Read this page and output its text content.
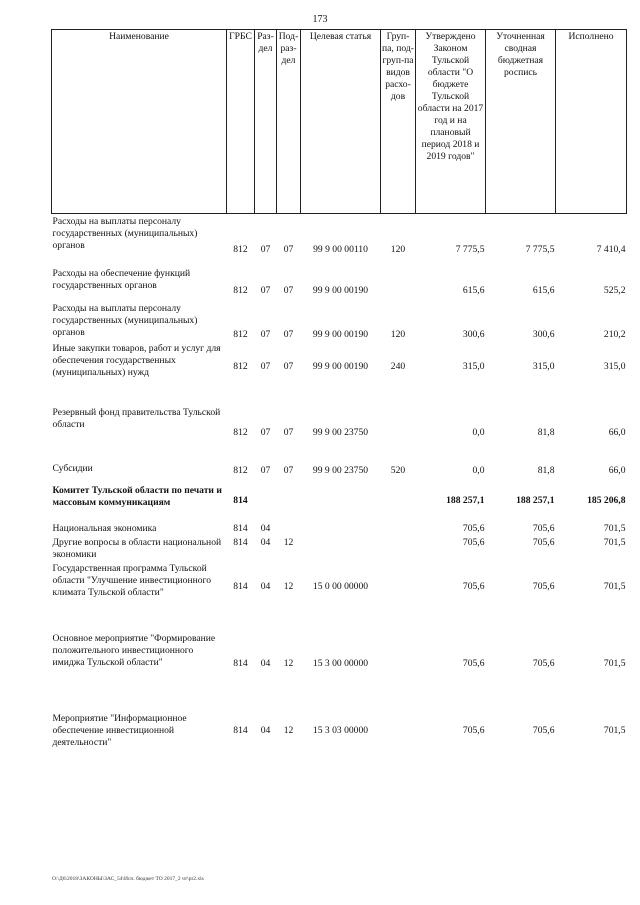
173
Наименование	ГРБС	Раз-дел	Под-раз-дел	Целевая статья	Груп-па, под-груп-па видов расхо-дов	Утверждено Законом Тульской области "О бюджете Тульской области на 2017 год и на плановый период 2018 и 2019 годов"	Уточненная сводная бюджетная роспись	Исполнено
Расходы на выплаты персоналу государственных (муниципальных) органов	812	07	07	99 9 00 00110	120	7 775,5	7 775,5	7 410,4
Расходы на обеспечение функций государственных органов	812	07	07	99 9 00 00190		615,6	615,6	525,2
Расходы на выплаты персоналу государственных (муниципальных) органов	812	07	07	99 9 00 00190	120	300,6	300,6	210,2
Иные закупки товаров, работ и услуг для обеспечения государственных (муниципальных) нужд	812	07	07	99 9 00 00190	240	315,0	315,0	315,0
Резервный фонд правительства Тульской области	812	07	07	99 9 00 23750		0,0	81,8	66,0
Субсидии	812	07	07	99 9 00 23750	520	0,0	81,8	66,0
Комитет Тульской области по печати и массовым коммуникациям	814					188 257,1	188 257,1	185 206,8
Национальная экономика	814	04				705,6	705,6	701,5
Другие вопросы в области национальной экономики	814	04	12			705,6	705,6	701,5
Государственная программа Тульской области "Улучшение инвестиционного климата Тульской области"	814	04	12	15 0 00 00000		705,6	705,6	701,5
Основное мероприятие "Формирование положительного инвестиционного имиджа Тульской области"	814	04	12	15 3 00 00000		705,6	705,6	701,5
Мероприятие "Информационное обеспечение инвестиционной деятельности"	814	04	12	15 3 03 00000		705,6	705,6	701,5
O:\Д6\2018\ЗАКОНЫ\ЗАС_54\Исп. бюджет ТО 2017_2 чт\pr2.xls
